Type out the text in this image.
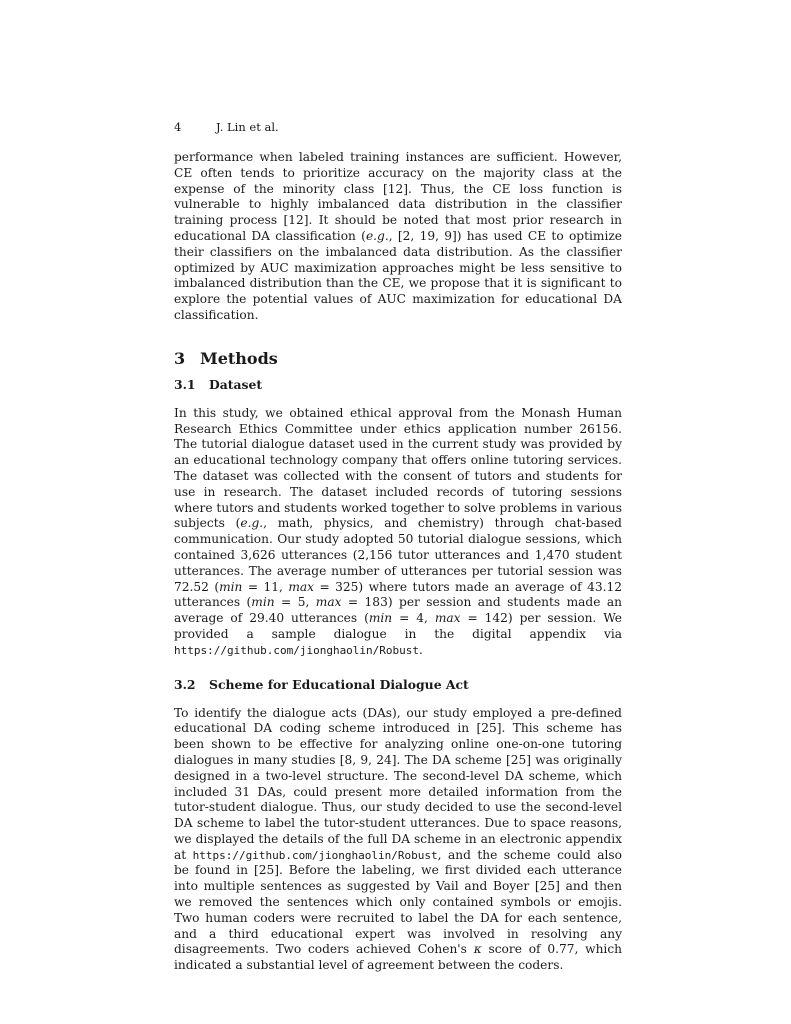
4	J. Lin et al.

performance when labeled training instances are sufficient. However, CE often tends to prioritize accuracy on the majority class at the expense of the minority class [12]. Thus, the CE loss function is vulnerable to highly imbalanced data distribution in the classifier training process [12]. It should be noted that most prior research in educational DA classification (e.g., [2, 19, 9]) has used CE to optimize their classifiers on the imbalanced data distribution. As the classifier optimized by AUC maximization approaches might be less sensitive to imbalanced distribution than the CE, we propose that it is significant to explore the potential values of AUC maximization for educational DA classification.

3 Methods
3.1 Dataset

In this study, we obtained ethical approval from the Monash Human Research Ethics Committee under ethics application number 26156. The tutorial dialogue dataset used in the current study was provided by an educational technology company that offers online tutoring services. The dataset was collected with the consent of tutors and students for use in research. The dataset included records of tutoring sessions where tutors and students worked together to solve problems in various subjects (e.g., math, physics, and chemistry) through chat-based communication. Our study adopted 50 tutorial dialogue sessions, which contained 3,626 utterances (2,156 tutor utterances and 1,470 student utterances. The average number of utterances per tutorial session was 72.52 (min = 11, max = 325) where tutors made an average of 43.12 utterances (min = 5, max = 183) per session and students made an average of 29.40 utterances (min = 4, max = 142) per session. We provided a sample dialogue in the digital appendix via https://github.com/jionghaolin/Robust.

3.2 Scheme for Educational Dialogue Act

To identify the dialogue acts (DAs), our study employed a pre-defined educational DA coding scheme introduced in [25]. This scheme has been shown to be effective for analyzing online one-on-one tutoring dialogues in many studies [8, 9, 24]. The DA scheme [25] was originally designed in a two-level structure. The second-level DA scheme, which included 31 DAs, could present more detailed information from the tutor-student dialogue. Thus, our study decided to use the second-level DA scheme to label the tutor-student utterances. Due to space reasons, we displayed the details of the full DA scheme in an electronic appendix at https://github.com/jionghaolin/Robust, and the scheme could also be found in [25]. Before the labeling, we first divided each utterance into multiple sentences as suggested by Vail and Boyer [25] and then we removed the sentences which only contained symbols or emojis. Two human coders were recruited to label the DA for each sentence, and a third educational expert was involved in resolving any disagreements. Two coders achieved Cohen's κ score of 0.77, which indicated a substantial level of agreement between the coders.
